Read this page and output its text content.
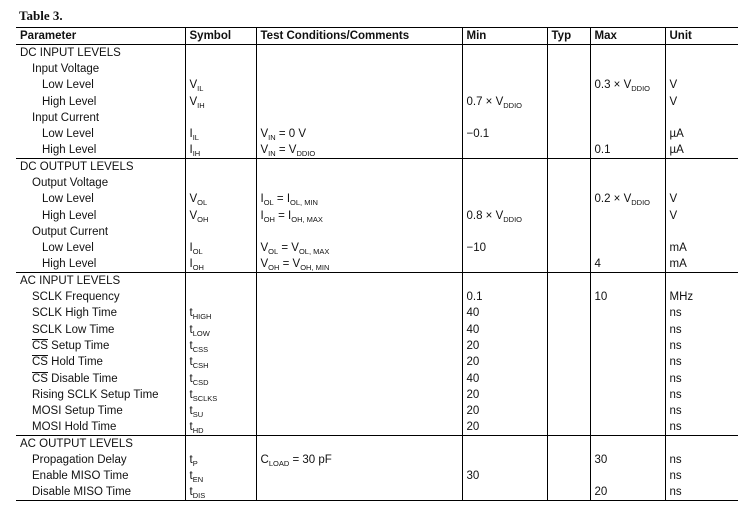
Table 3.
Parameter	Symbol	Test Conditions/Comments	Min	Typ	Max	Unit
DC INPUT LEVELS						
Input Voltage						
Low Level	$V_{IL}$				$0.3 \times V_{DDIO}$	V
High Level	$V_{IH}$		$0.7 \times V_{DDIO}$			V
Input Current						
Low Level	$I_{IL}$	$V_{IN} = 0$ V	−0.1			µA
High Level	$I_{IH}$	$V_{IN} = V_{DDIO}$			0.1	µA
DC OUTPUT LEVELS						
Output Voltage						
Low Level	$V_{OL}$	$I_{OL} = I_{OL, MIN}$			$0.2 \times V_{DDIO}$	V
High Level	$V_{OH}$	$I_{OH} = I_{OH, MAX}$	$0.8 \times V_{DDIO}$			V
Output Current						
Low Level	$I_{OL}$	$V_{OL} = V_{OL, MAX}$	−10			mA
High Level	$I_{OH}$	$V_{OH} = V_{OH, MIN}$			4	mA
AC INPUT LEVELS						
SCLK Frequency			0.1		10	MHz
SCLK High Time	$t_{HIGH}$		40			ns
SCLK Low Time	$t_{LOW}$		40			ns
$\overline{CS}$ Setup Time	$t_{CSS}$		20			ns
$\overline{CS}$ Hold Time	$t_{CSH}$		20			ns
$\overline{CS}$ Disable Time	$t_{CSD}$		40			ns
Rising SCLK Setup Time	$t_{SCLKS}$		20			ns
MOSI Setup Time	$t_{SU}$		20			ns
MOSI Hold Time	$t_{HD}$		20			ns
AC OUTPUT LEVELS						
Propagation Delay	$t_P$	$C_{LOAD} = 30$ pF			30	ns
Enable MISO Time	$t_{EN}$		30			ns
Disable MISO Time	$t_{DIS}$				20	ns
